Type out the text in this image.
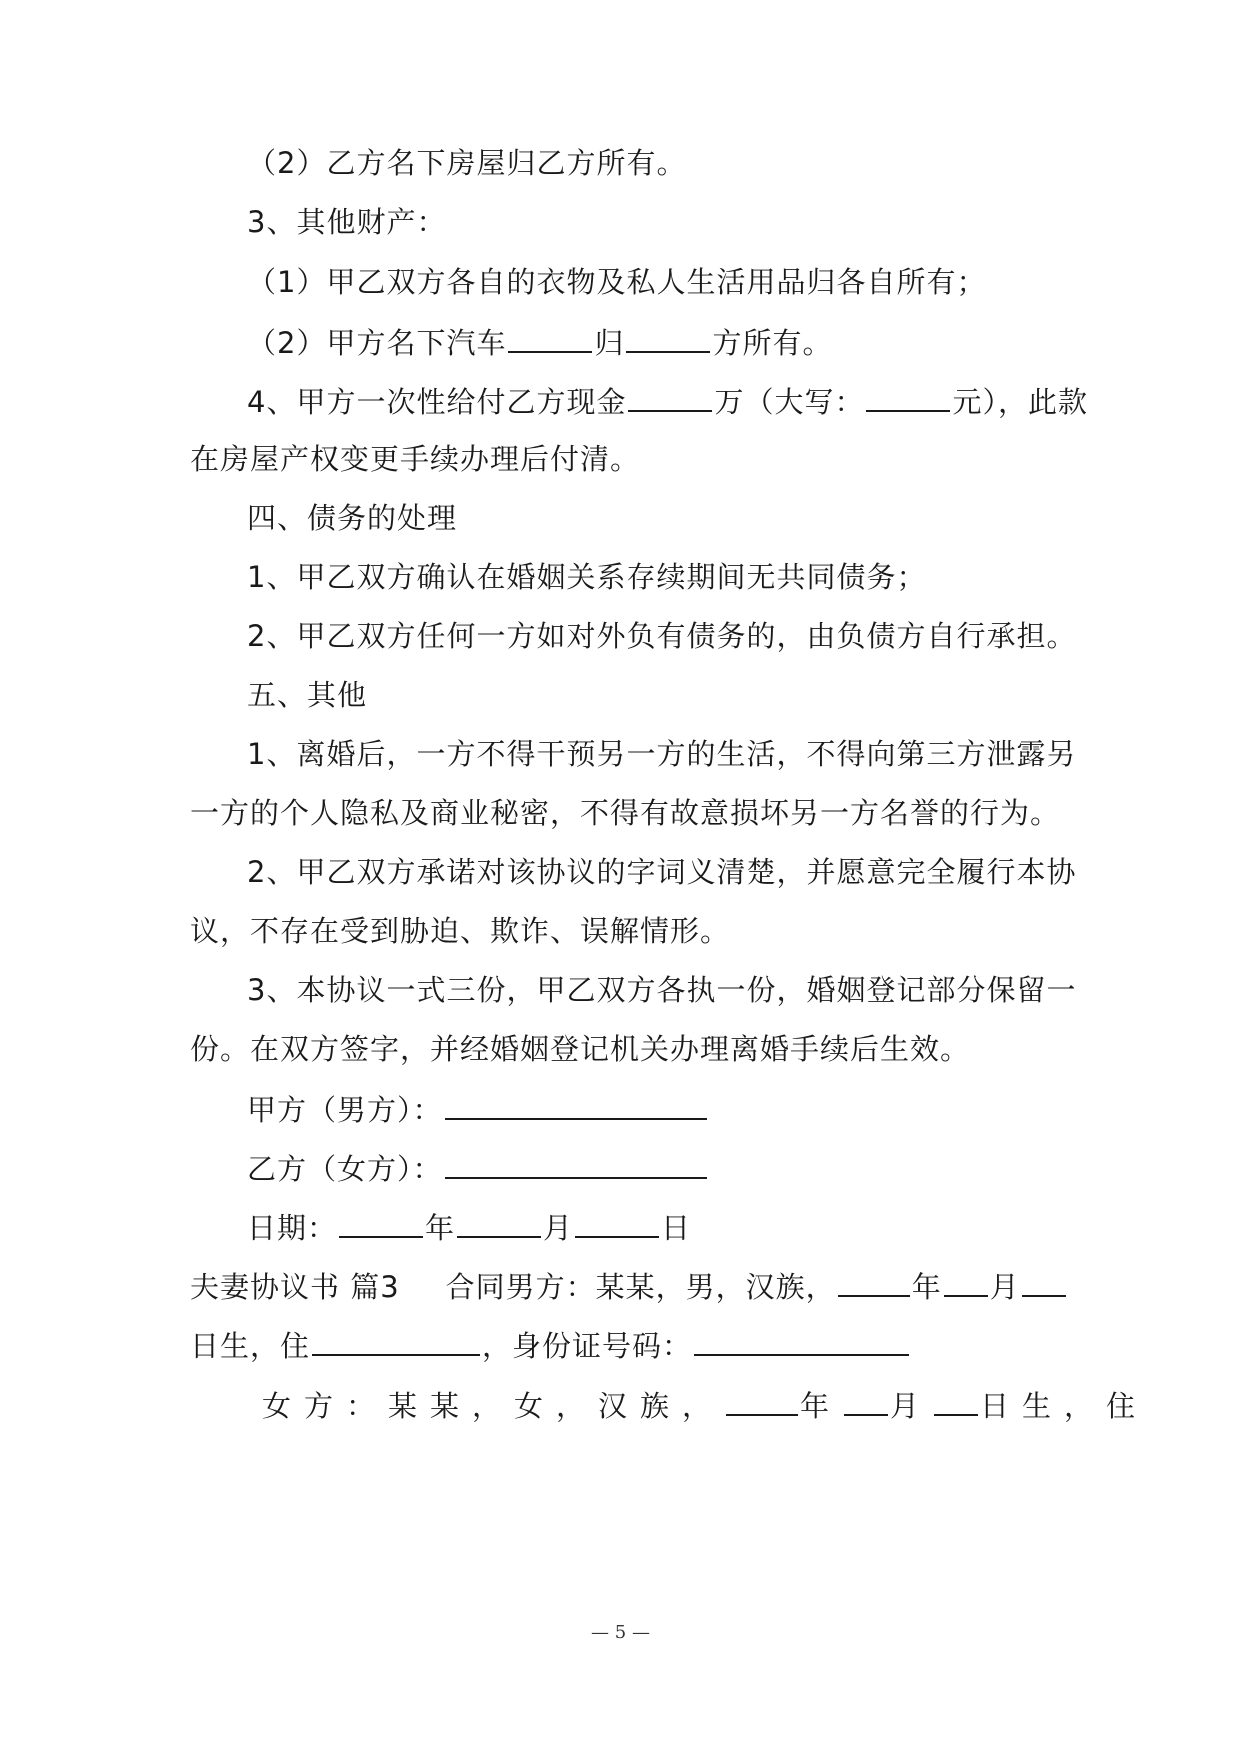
（2）乙方名下房屋归乙方所有。
3、其他财产：
（1）甲乙双方各自的衣物及私人生活用品归各自所有；
（2）甲方名下汽车	归	方所有。
4、甲方一次性给付乙方现金	万（大写：	元），此款
在房屋产权变更手续办理后付清。
四、债务的处理
1、甲乙双方确认在婚姻关系存续期间无共同债务；
2、甲乙双方任何一方如对外负有债务的，由负债方自行承担。
五、其他
1、离婚后，一方不得干预另一方的生活，不得向第三方泄露另
一方的个人隐私及商业秘密，不得有故意损坏另一方名誉的行为。
2、甲乙双方承诺对该协议的字词义清楚，并愿意完全履行本协
议，不存在受到胁迫、欺诈、误解情形。
3、本协议一式三份，甲乙双方各执一份，婚姻登记部分保留一
份。在双方签字，并经婚姻登记机关办理离婚手续后生效。
甲方（男方）：
乙方（女方）：
日期：	年	月	日
夫妻协议书 篇3 合同男方：某某，男，汉族，	年 月
日生，住	，身份证号码：
女方：某某，女，汉族，	年 月 日生，住
— 5 —
